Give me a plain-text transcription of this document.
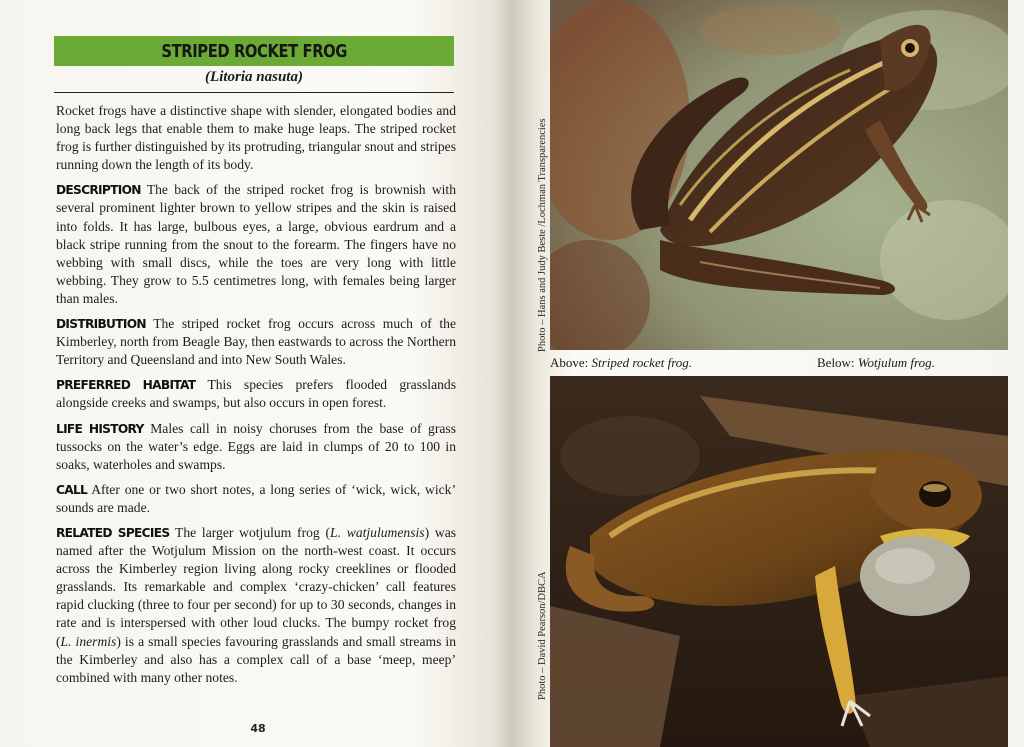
STRIPED ROCKET FROG
(Litoria nasuta)

Rocket frogs have a distinctive shape with slender, elongated bodies and long back legs that enable them to make huge leaps. The striped rocket frog is further distinguished by its protruding, triangular snout and stripes running down the length of its body.

DESCRIPTION The back of the striped rocket frog is brownish with several prominent lighter brown to yellow stripes and the skin is raised into folds. It has large, bulbous eyes, a large, obvious eardrum and a black stripe running from the snout to the forearm. The fingers have no webbing with small discs, while the toes are very long with little webbing. They grow to 5.5 centimetres long, with females being larger than males.

DISTRIBUTION The striped rocket frog occurs across much of the Kimberley, north from Beagle Bay, then eastwards to across the Northern Territory and Queensland and into New South Wales.

PREFERRED HABITAT This species prefers flooded grasslands alongside creeks and swamps, but also occurs in open forest.

LIFE HISTORY Males call in noisy choruses from the base of grass tussocks on the water’s edge. Eggs are laid in clumps of 20 to 100 in soaks, waterholes and swamps.

CALL After one or two short notes, a long series of ‘wick, wick, wick’ sounds are made.

RELATED SPECIES The larger wotjulum frog (L. watjulumensis) was named after the Wotjulum Mission on the north-west coast. It occurs across the Kimberley region living along rocky creeklines or flooded grasslands. Its remarkable and complex ‘crazy-chicken’ call features rapid clucking (three to four per second) for up to 30 seconds, changes in rate and is interspersed with other loud clucks. The bumpy rocket frog (L. inermis) is a small species favouring grasslands and small streams in the Kimberley and also has a complex call of a base ‘meep, meep’ combined with many other notes.

48
Photo – Hans and Judy Beste /Lochman Transparencies
Above: Striped rocket frog.	Below: Wotjulum frog.
Photo – David Pearson/DBCA
